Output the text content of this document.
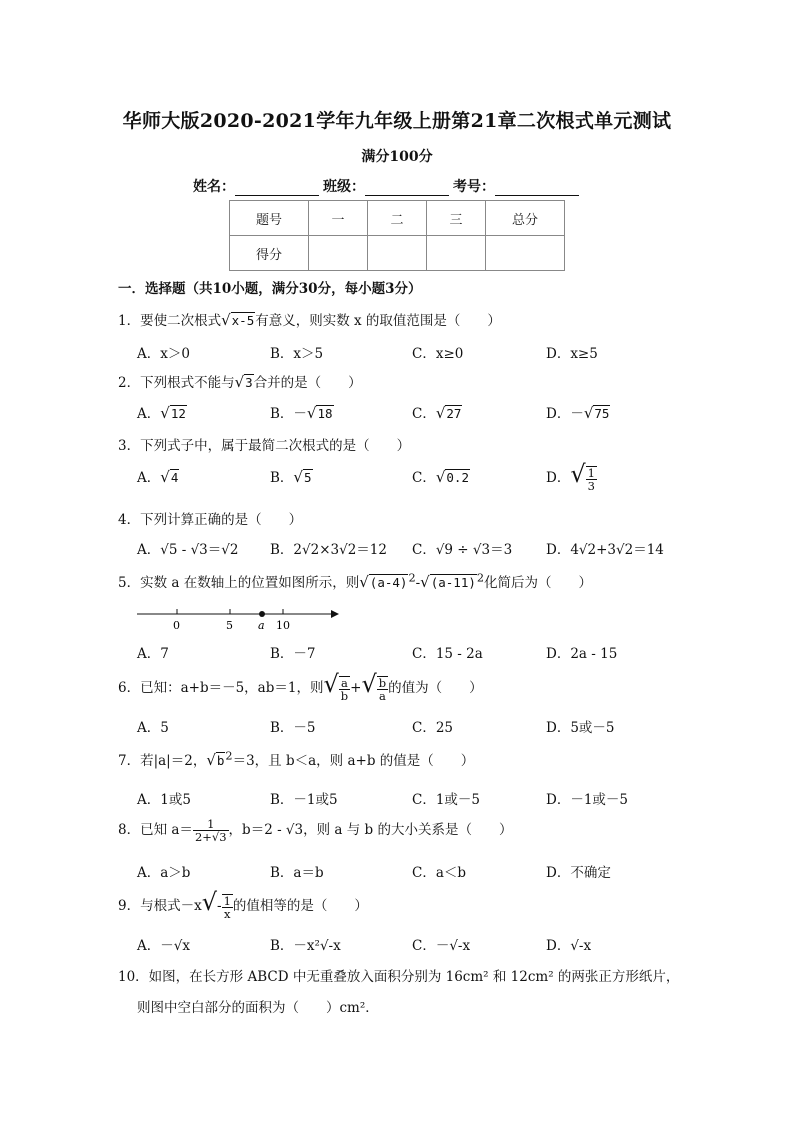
华师大版2020-2021学年九年级上册第21章二次根式单元测试
满分100分
姓名：	班级：	考号：
题号	一	二	三	总分
得分				
一．选择题（共10小题，满分30分，每小题3分）
1．要使二次根式√x-5有意义，则实数 x 的取值范围是（　　）
A．x＞0	B．x＞5	C．x≥0	D．x≥5
2．下列根式不能与√3合并的是（　　）
A．√12	B．－√18	C．√27	D．－√75
3．下列式子中，属于最简二次根式的是（　　）
A．√4	B．√5	C．√0.2	D．√ $\frac{1}{3}$
4．下列计算正确的是（　　）
A．√5 - √3＝√2 B．2√2×3√2＝12 C．√9 ÷ √3＝3	D．4√2+3√2＝14
5．实数 a 在数轴上的位置如图所示，则$√(a-4)^2-√(a-11)^2$化简后为（　　）
0	5	10
a
A．7	B．－7	C．15 - 2a	D．2a - 15
6．已知：a+b＝－5，ab＝1，则√ $\frac{a}{b}$ +√ $\frac{b}{a}$ 的值为（　　）
A．5	B．－5	C．25	D．5或－5
7．若|a|＝2，$√b^2=3$，且 b＜a，则 a+b 的值是（　　）
A．1或5	B．－1或5	C．1或－5	D．－1或－5
8．已知 $a= \frac{1}{2+√3}$ ，b＝2 - √3，则 a 与 b 的大小关系是（　　）
A．a＞b	B．a＝b	C．a＜b	D．不确定
9．与根式$-x√- \frac{1}{x}$ 的值相等的是（　　）
A．－√x	B．－x²√-x	C．－√-x	D．√-x
10．如图，在长方形 ABCD 中无重叠放入面积分别为 16cm² 和 12cm² 的两张正方形纸片，
则图中空白部分的面积为（　　）cm²．
